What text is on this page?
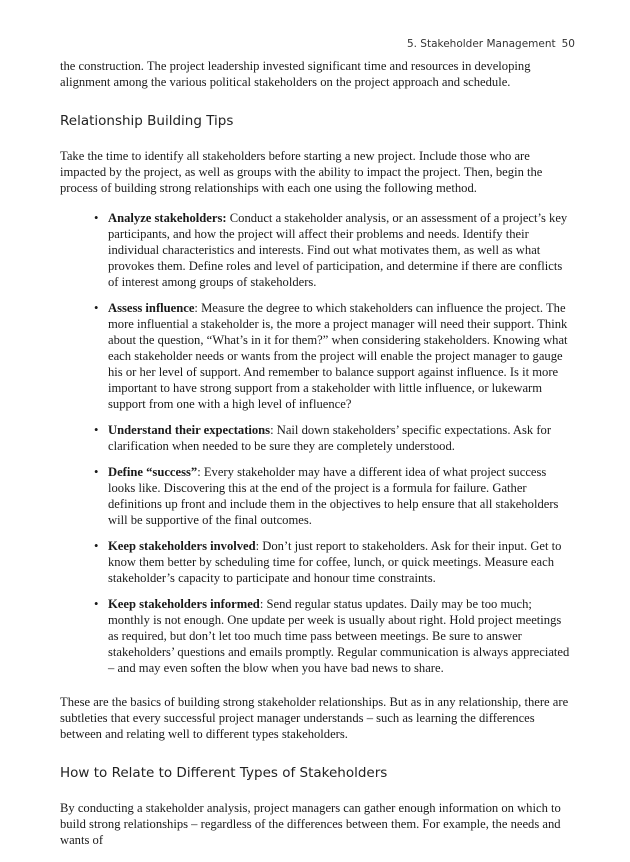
5. Stakeholder Management 50

the construction. The project leadership invested significant time and resources in developing alignment among the various political stakeholders on the project approach and schedule.

Relationship Building Tips

Take the time to identify all stakeholders before starting a new project. Include those who are impacted by the project, as well as groups with the ability to impact the project. Then, begin the process of building strong relationships with each one using the following method.

• Analyze stakeholders: Conduct a stakeholder analysis, or an assessment of a project’s key participants, and how the project will affect their problems and needs. Identify their individual characteristics and interests. Find out what motivates them, as well as what provokes them. Define roles and level of participation, and determine if there are conflicts of interest among groups of stakeholders.
• Assess influence: Measure the degree to which stakeholders can influence the project. The more influential a stakeholder is, the more a project manager will need their support. Think about the question, “What’s in it for them?” when considering stakeholders. Knowing what each stakeholder needs or wants from the project will enable the project manager to gauge his or her level of support. And remember to balance support against influence. Is it more important to have strong support from a stakeholder with little influence, or lukewarm support from one with a high level of influence?
• Understand their expectations: Nail down stakeholders’ specific expectations. Ask for clarification when needed to be sure they are completely understood.
• Define “success”: Every stakeholder may have a different idea of what project success looks like. Discovering this at the end of the project is a formula for failure. Gather definitions up front and include them in the objectives to help ensure that all stakeholders will be supportive of the final outcomes.
• Keep stakeholders involved: Don’t just report to stakeholders. Ask for their input. Get to know them better by scheduling time for coffee, lunch, or quick meetings. Measure each stakeholder’s capacity to participate and honour time constraints.
• Keep stakeholders informed: Send regular status updates. Daily may be too much; monthly is not enough. One update per week is usually about right. Hold project meetings as required, but don’t let too much time pass between meetings. Be sure to answer stakeholders’ questions and emails promptly. Regular communication is always appreciated – and may even soften the blow when you have bad news to share.

These are the basics of building strong stakeholder relationships. But as in any relationship, there are subtleties that every successful project manager understands – such as learning the differences between and relating well to different types stakeholders.

How to Relate to Different Types of Stakeholders

By conducting a stakeholder analysis, project managers can gather enough information on which to build strong relationships – regardless of the differences between them. For example, the needs and wants of
